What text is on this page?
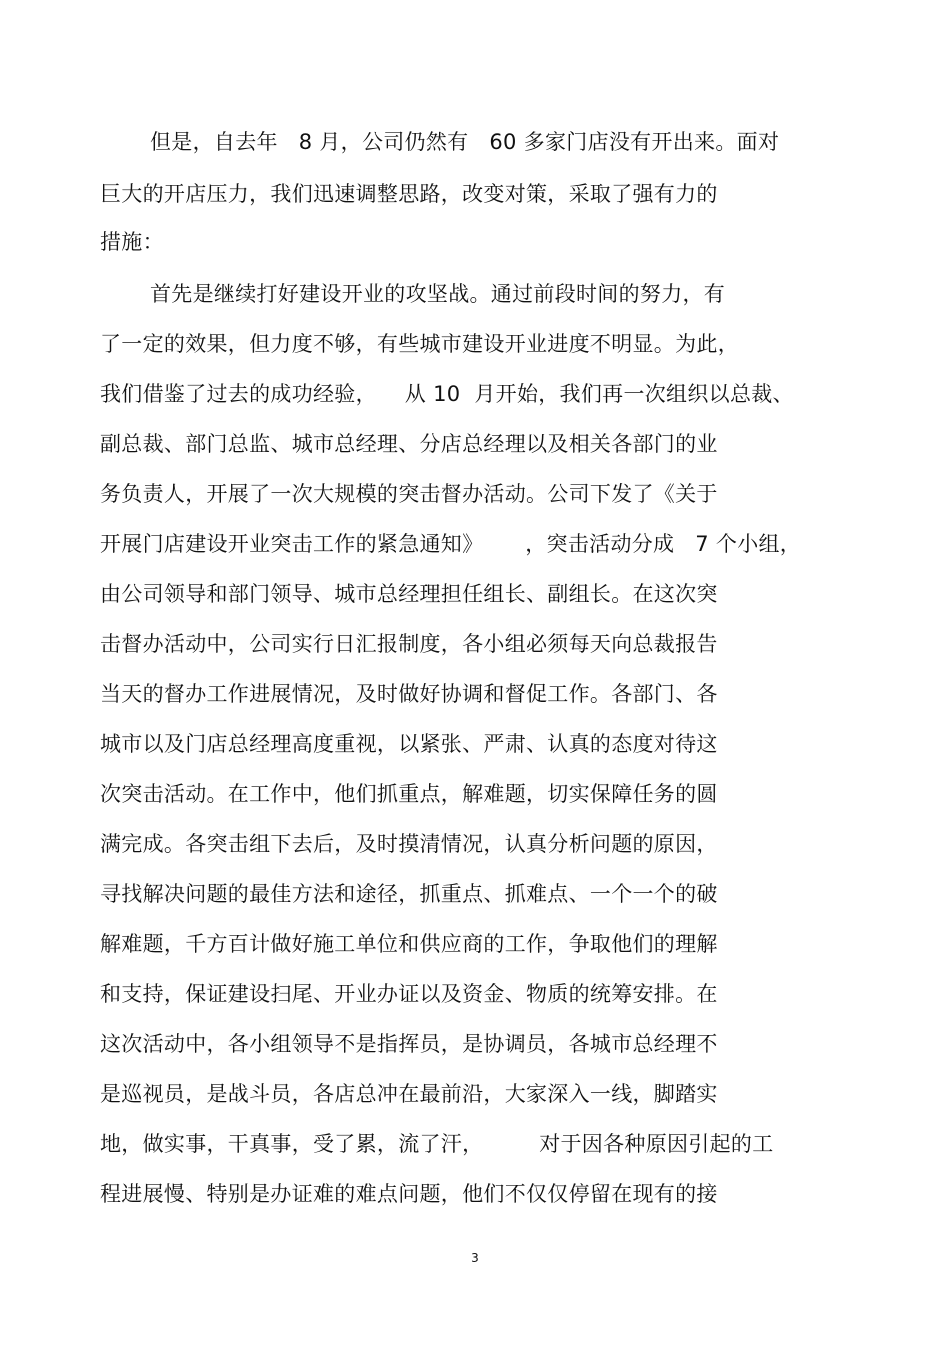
但是，自去年   8 月，公司仍然有   60 多家门店没有开出来。面对
巨大的开店压力，我们迅速调整思路，改变对策，采取了强有力的
措施：
首先是继续打好建设开业的攻坚战。通过前段时间的努力，有
了一定的效果，但力度不够，有些城市建设开业进度不明显。为此，
我们借鉴了过去的成功经验，    从 10  月开始，我们再一次组织以总裁、
副总裁、部门总监、城市总经理、分店总经理以及相关各部门的业
务负责人，开展了一次大规模的突击督办活动。公司下发了《关于
开展门店建设开业突击工作的紧急通知》      ，突击活动分成   7 个小组，
由公司领导和部门领导、城市总经理担任组长、副组长。在这次突
击督办活动中，公司实行日汇报制度，各小组必须每天向总裁报告
当天的督办工作进展情况，及时做好协调和督促工作。各部门、各
城市以及门店总经理高度重视，以紧张、严肃、认真的态度对待这
次突击活动。在工作中，他们抓重点，解难题，切实保障任务的圆
满完成。各突击组下去后，及时摸清情况，认真分析问题的原因，
寻找解决问题的最佳方法和途径，抓重点、抓难点、一个一个的破
解难题，千方百计做好施工单位和供应商的工作，争取他们的理解
和支持，保证建设扫尾、开业办证以及资金、物质的统筹安排。在
这次活动中，各小组领导不是指挥员，是协调员，各城市总经理不
是巡视员，是战斗员，各店总冲在最前沿，大家深入一线，脚踏实
地，做实事，干真事，受了累，流了汗，        对于因各种原因引起的工
程进展慢、特别是办证难的难点问题，他们不仅仅停留在现有的接
3
